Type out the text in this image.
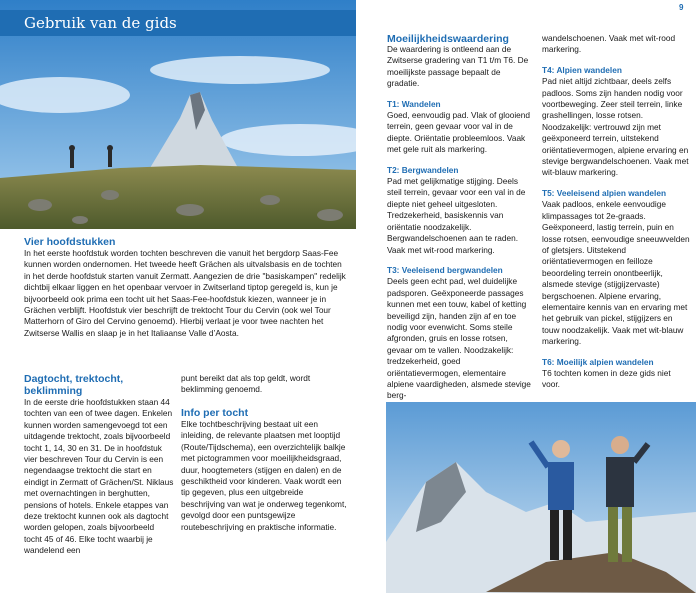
9
Gebruik van de gids
Vier hoofdstukken

In het eerste hoofdstuk worden tochten beschreven die vanuit het bergdorp Saas-Fee kunnen worden ondernomen. Het tweede heeft Grächen als uitvalsbasis en de tochten in het derde hoofdstuk starten vanuit Zermatt. Aangezien de drie "basiskampen" redelijk dichtbij elkaar liggen en het openbaar vervoer in Zwitserland tiptop geregeld is, kun je bijvoorbeeld ook prima een tocht uit het Saas-Fee-hoofdstuk kiezen, wanneer je in Grächen verblijft. Hoofdstuk vier beschrijft de trektocht Tour du Cervin (ook wel Tour Matterhorn of Giro del Cervino genoemd). Hierbij verlaat je voor twee nachten het Zwitserse Wallis en slaap je in het Italiaanse Valle d’Aosta.

Dagtocht, trektocht, beklimming

In de eerste drie hoofdstukken staan 44 tochten van een of twee dagen. Enkelen kunnen worden samengevoegd tot een uitdagende trektocht, zoals bijvoorbeeld tocht 1, 14, 30 en 31. De in hoofdstuk vier beschreven Tour du Cervin is een negendaagse trektocht die start en eindigt in Zermatt of Grächen/St. Niklaus met overnachtingen in berghutten, pensions of hotels. Enkele etappes van deze trektocht kunnen ook als dagtocht worden gelopen, zoals bijvoorbeeld tocht 45 of 46. Elke tocht waarbij je wandelend een

punt bereikt dat als top geldt, wordt beklimming genoemd.

Info per tocht

Elke tochtbeschrijving bestaat uit een inleiding, de relevante plaatsen met looptijd (Route/Tijdschema), een overzichtelijk balkje met pictogrammen voor moeilijkheidsgraad, duur, hoogtemeters (stijgen en dalen) en de geschiktheid voor kinderen. Vaak wordt een tip gegeven, plus een uitgebreide beschrijving van wat je onderweg tegenkomt, gevolgd door een puntsgewijze routebeschrijving en praktische informatie.

Moeilijkheidswaardering

De waardering is ontleend aan de Zwitserse gradering van T1 t/m T6. De moeilijkste passage bepaalt de gradatie.

T1: Wandelen

Goed, eenvoudig pad. Vlak of glooiend terrein, geen gevaar voor val in de diepte. Oriëntatie probleemloos. Vaak met gele ruit als markering.

T2: Bergwandelen

Pad met gelijkmatige stijging. Deels steil terrein, gevaar voor een val in de diepte niet geheel uitgesloten. Tredzekerheid, basiskennis van oriëntatie noodzakelijk. Bergwandelschoenen aan te raden. Vaak met wit-rood markering.

T3: Veeleisend bergwandelen

Deels geen echt pad, wel duidelijke padsporen. Geëxponeerde passages kunnen met een touw, kabel of ketting beveiligd zijn, handen zijn af en toe nodig voor evenwicht. Soms steile afgronden, gruis en losse rotsen, gevaar om te vallen. Noodzakelijk: tredzekerheid, goed oriëntatievermogen, elementaire alpiene vaardigheden, alsmede stevige berg-

wandelschoenen. Vaak met wit-rood markering.

T4: Alpien wandelen

Pad niet altijd zichtbaar, deels zelfs padloos. Soms zijn handen nodig voor voortbeweging. Zeer steil terrein, linke grashellingen, losse rotsen. Noodzakelijk: vertrouwd zijn met geëxponeerd terrein, uitstekend oriëntatievermogen, alpiene ervaring en stevige bergwandelschoenen. Vaak met wit-blauw markering.

T5: Veeleisend alpien wandelen

Vaak padloos, enkele eenvoudige klimpassages tot 2e-graads. Geëxponeerd, lastig terrein, puin en losse rotsen, eenvoudige sneeuwvelden of gletsjers. Uitstekend oriëntatievermogen en feilloze beoordeling terrein onontbeerlijk, alsmede stevige (stijgijzervaste) bergschoenen. Alpiene ervaring, elementaire kennis van en ervaring met het gebruik van pickel, stijgijzers en touw noodzakelijk. Vaak met wit-blauw markering.

T6: Moeilijk alpien wandelen

T6 tochten komen in deze gids niet voor.
